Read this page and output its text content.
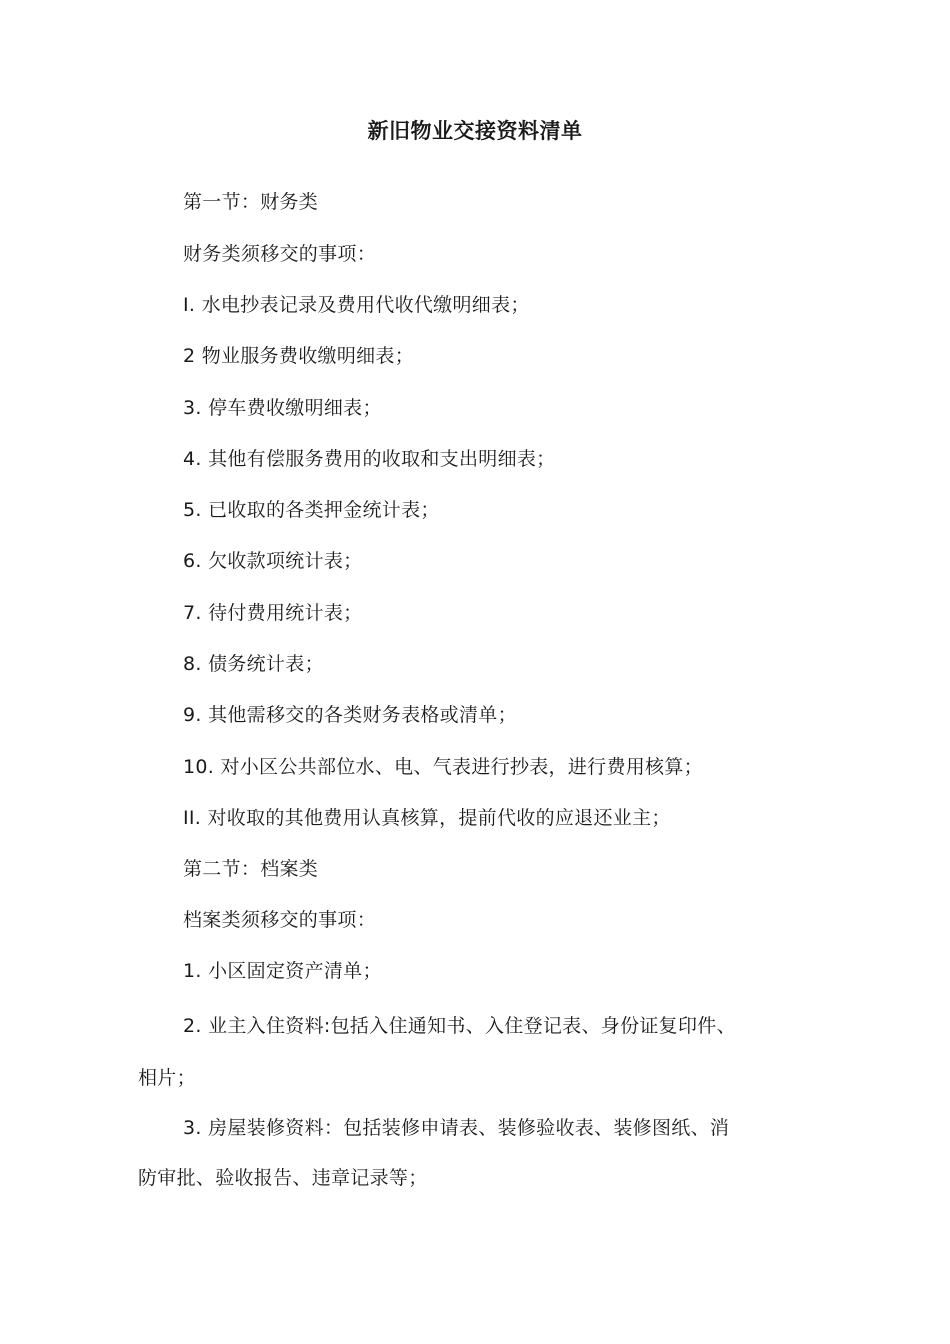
新旧物业交接资料清单
第一节：财务类
财务类须移交的事项：
I. 水电抄表记录及费用代收代缴明细表；
2 物业服务费收缴明细表；
3. 停车费收缴明细表；
4. 其他有偿服务费用的收取和支出明细表；
5. 已收取的各类押金统计表；
6. 欠收款项统计表；
7. 待付费用统计表；
8. 债务统计表；
9. 其他需移交的各类财务表格或清单；
10. 对小区公共部位水、电、气表进行抄表，进行费用核算；
II. 对收取的其他费用认真核算，提前代收的应退还业主；
第二节：档案类
档案类须移交的事项：
1. 小区固定资产清单；
2. 业主入住资料:包括入住通知书、入住登记表、身份证复印件、
相片；
3. 房屋装修资料：包括装修申请表、装修验收表、装修图纸、消
防审批、验收报告、违章记录等；
